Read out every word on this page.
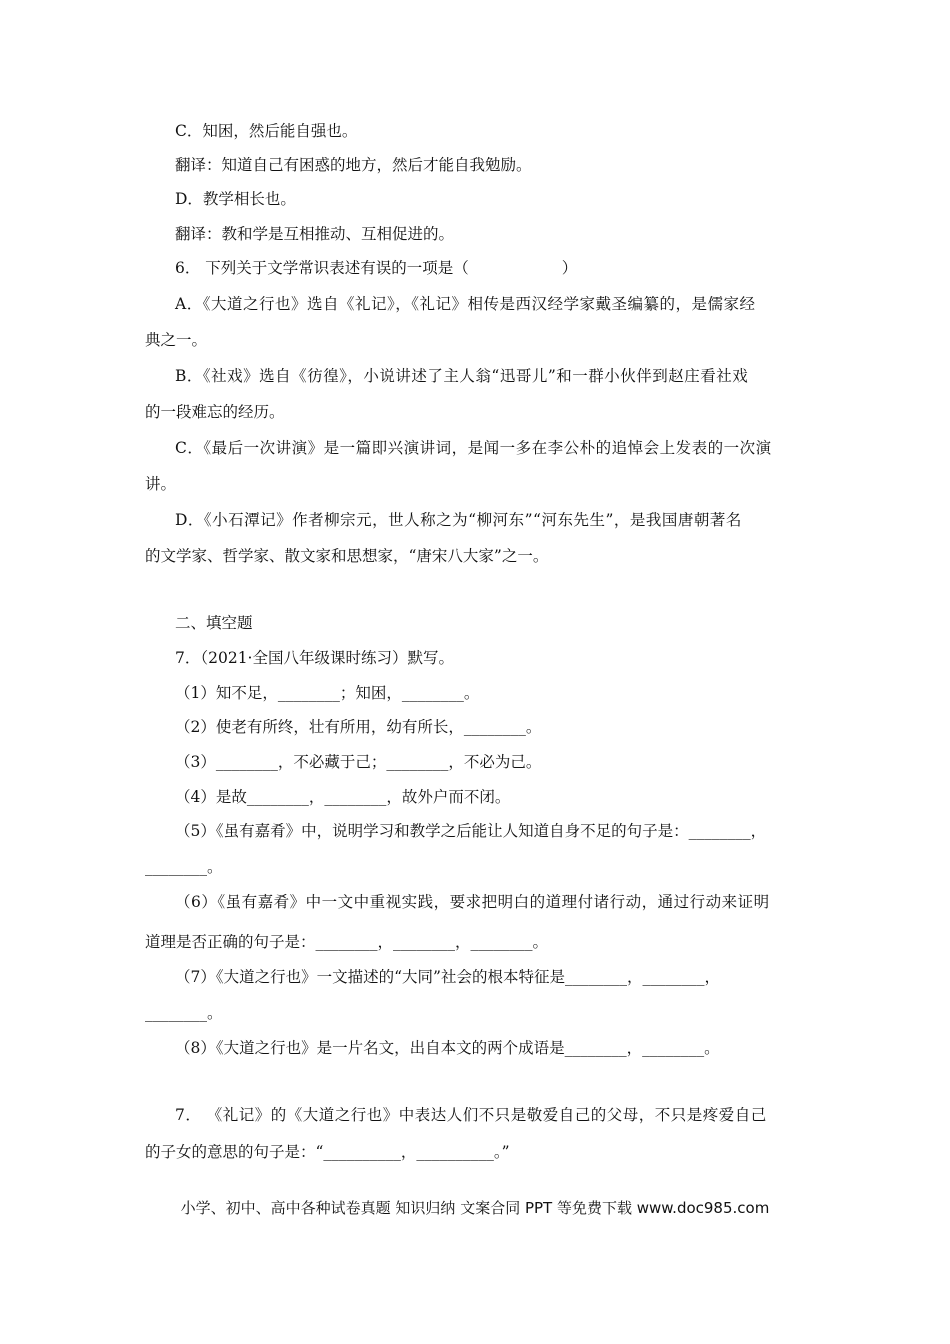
C．知困，然后能自强也。
翻译：知道自己有困惑的地方，然后才能自我勉励。
D．教学相长也。
翻译：教和学是互相推动、互相促进的。
6． 下列关于文学常识表述有误的一项是（　　　　　　）
A．《大道之行也》选自《礼记》，《礼记》相传是西汉经学家戴圣编纂的，是儒家经
典之一。
B．《社戏》选自《彷徨》，小说讲述了主人翁“迅哥儿”和一群小伙伴到赵庄看社戏
的一段难忘的经历。
C．《最后一次讲演》是一篇即兴演讲词，是闻一多在李公朴的追悼会上发表的一次演
讲。
D．《小石潭记》作者柳宗元，世人称之为“柳河东”“河东先生”，是我国唐朝著名
的文学家、哲学家、散文家和思想家，“唐宋八大家”之一。
二、填空题
7．（2021·全国八年级课时练习）默写。
（1）知不足，________；知困，________。
（2）使老有所终，壮有所用，幼有所长，________。
（3）________，不必藏于己；________，不必为己。
（4）是故________，________，故外户而不闭。
（5）《虽有嘉肴》中，说明学习和教学之后能让人知道自身不足的句子是：________，
________。
（6）《虽有嘉肴》中一文中重视实践，要求把明白的道理付诸行动，通过行动来证明
道理是否正确的句子是：________，________，________。
（7）《大道之行也》一文描述的“大同”社会的根本特征是________，________，
________。
（8）《大道之行也》是一片名文，出自本文的两个成语是________，________。
7． 《礼记》的《大道之行也》中表达人们不只是敬爱自己的父母，不只是疼爱自己
的子女的意思的句子是：“__________，__________。”
小学、初中、高中各种试卷真题 知识归纳 文案合同 PPT 等免费下载 www.doc985.com
